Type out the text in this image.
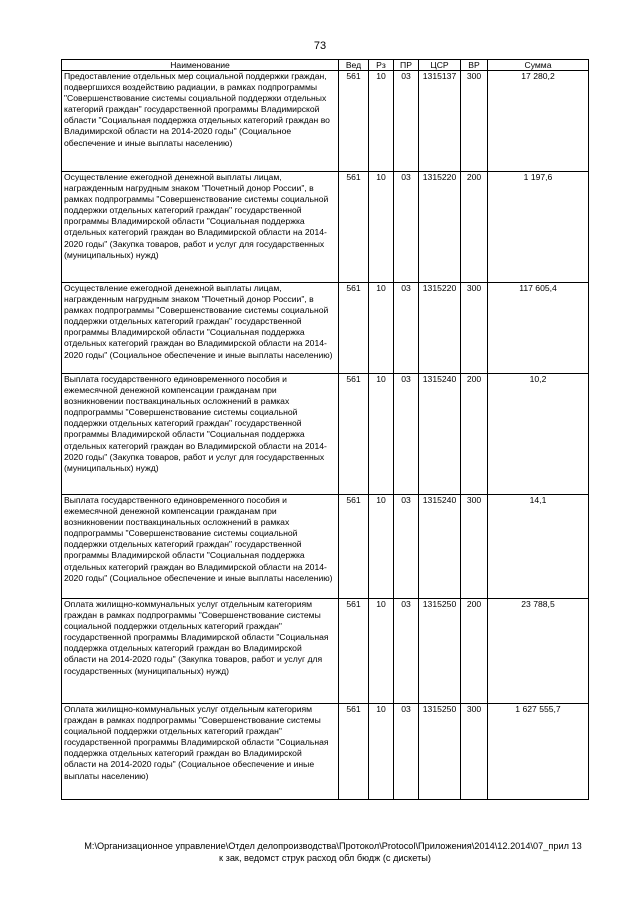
73
Наименование	Вед	Рз	ПР	ЦСР	ВР	Сумма
Предоставление отдельных мер социальной поддержки граждан, подвергшихся воздействию радиации, в рамках подпрограммы "Совершенствование системы социальной поддержки отдельных категорий граждан" государственной программы Владимирской области "Социальная поддержка отдельных категорий граждан во Владимирской области на 2014-2020 годы" (Социальное обеспечение и иные выплаты населению)	561	10	03	1315137	300	17 280,2
Осуществление ежегодной денежной выплаты лицам, награжденным нагрудным знаком "Почетный донор России", в рамках подпрограммы "Совершенствование системы социальной поддержки отдельных категорий граждан" государственной программы Владимирской области "Социальная поддержка отдельных категорий граждан во Владимирской области на 2014-2020 годы" (Закупка товаров, работ и услуг для государственных (муниципальных) нужд)	561	10	03	1315220	200	1 197,6
Осуществление ежегодной денежной выплаты лицам, награжденным нагрудным знаком "Почетный донор России", в рамках подпрограммы "Совершенствование системы социальной поддержки отдельных категорий граждан" государственной программы Владимирской области "Социальная поддержка отдельных категорий граждан во Владимирской области на 2014-2020 годы" (Социальное обеспечение и иные выплаты населению)	561	10	03	1315220	300	117 605,4
Выплата государственного единовременного пособия и ежемесячной денежной компенсации гражданам при возникновении поствакцинальных осложнений в рамках подпрограммы "Совершенствование системы социальной поддержки отдельных категорий граждан" государственной программы Владимирской области "Социальная поддержка отдельных категорий граждан во Владимирской области на 2014-2020 годы" (Закупка товаров, работ и услуг для государственных (муниципальных) нужд)	561	10	03	1315240	200	10,2
Выплата государственного единовременного пособия и ежемесячной денежной компенсации гражданам при возникновении поствакцинальных осложнений в рамках подпрограммы "Совершенствование системы социальной поддержки отдельных категорий граждан" государственной программы Владимирской области "Социальная поддержка отдельных категорий граждан во Владимирской области на 2014-2020 годы" (Социальное обеспечение и иные выплаты населению)	561	10	03	1315240	300	14,1
Оплата жилищно-коммунальных услуг отдельным категориям граждан в рамках подпрограммы "Совершенствование системы социальной поддержки отдельных категорий граждан" государственной программы Владимирской области "Социальная поддержка отдельных категорий граждан во Владимирской области на 2014-2020 годы" (Закупка товаров, работ и услуг для государственных (муниципальных) нужд)	561	10	03	1315250	200	23 788,5
Оплата жилищно-коммунальных услуг отдельным категориям граждан в рамках подпрограммы "Совершенствование системы социальной поддержки отдельных категорий граждан" государственной программы Владимирской области "Социальная поддержка отдельных категорий граждан во Владимирской области на 2014-2020 годы" (Социальное обеспечение и иные выплаты населению)	561	10	03	1315250	300	1 627 555,7
M:\Организационное управление\Отдел делопроизводства\Протокол\Protocol\Приложения\2014\12.2014\07_прил 13
к зак, ведомст струк расход обл бюдж (с дискеты)
